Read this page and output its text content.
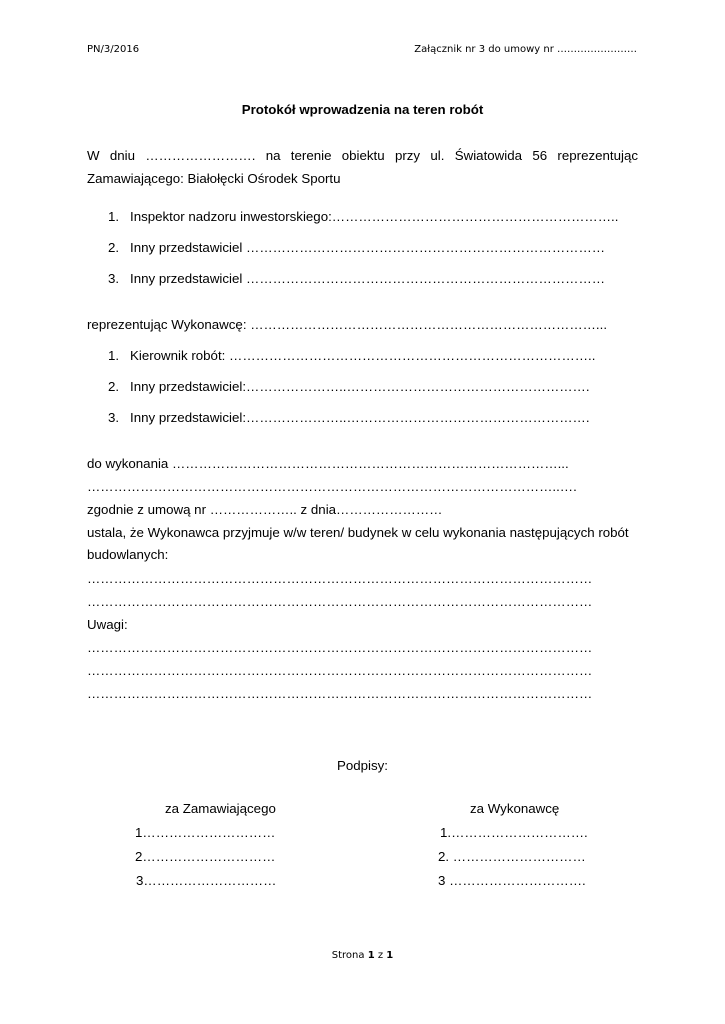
PN/3/2016	Załącznik nr 3 do umowy nr ……………………
Protokół wprowadzenia na teren robót
W dniu ……………………. na terenie obiektu przy ul. Światowida 56 reprezentując Zamawiającego: Białołęcki Ośrodek Sportu
1. Inspektor nadzoru inwestorskiego:………………………………………………………..
2. Inny przedstawiciel ………………………………………………………………………
3. Inny przedstawiciel ………………………………………………………………………
reprezentując Wykonawcę: ……………………………………………………………………...
1. Kierownik robót: ………………………………………………………………………..
2. Inny przedstawiciel:…………………..……………………………………………….
3. Inny przedstawiciel:…………………..……………………………………………….
do wykonania ……………………………………………………………………………...
……………………………………………………………………………………………..….
zgodnie z umową nr ……………….. z dnia……………………
ustala, że Wykonawca przyjmuje w/w teren/ budynek w celu wykonania następujących robót
budowlanych:
……………………………………………………………………………………………………
……………………………………………………………………………………………………
Uwagi:
……………………………………………………………………………………………………
……………………………………………………………………………………………………
……………………………………………………………………………………………………
Podpisy:
za Zamawiającego	za Wykonawcę
1…………………………
2…………………………
3…………………………
1.………………………….
2. …………………………
3 ………………………….
Strona 1 z 1
